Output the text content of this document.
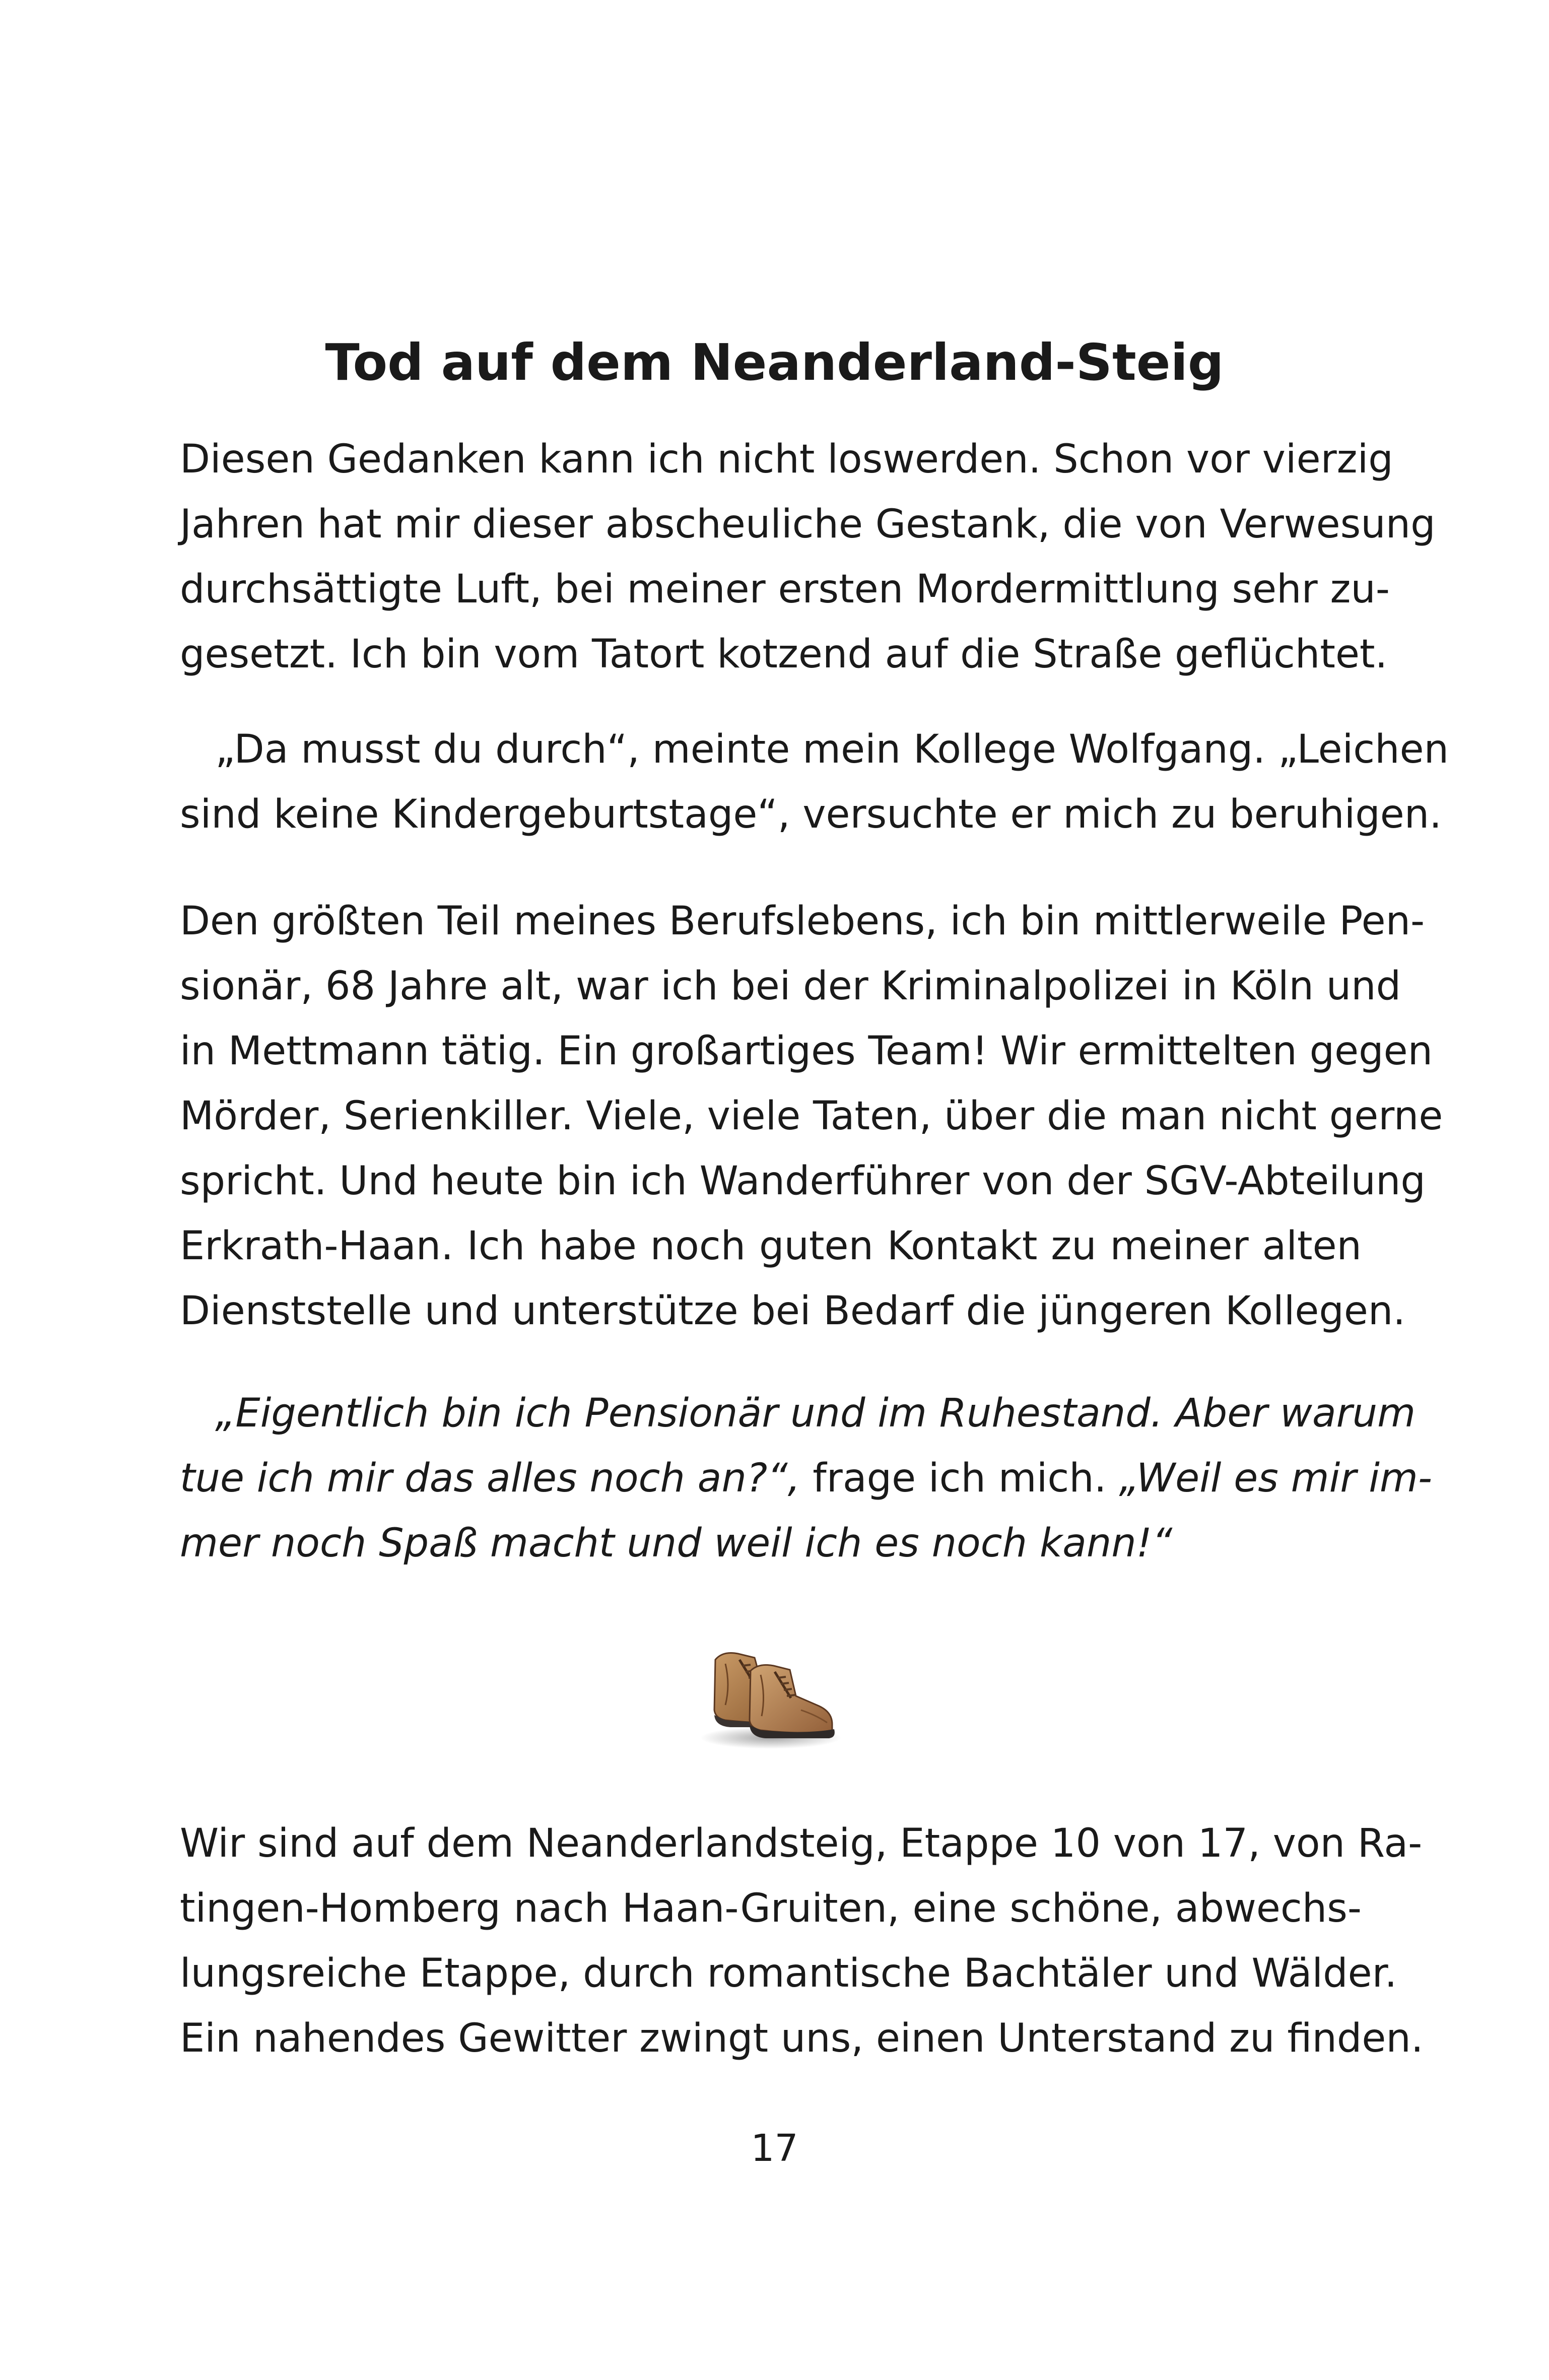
Tod auf dem Neanderland-Steig

Diesen Gedanken kann ich nicht loswerden. Schon vor vierzig
Jahren hat mir dieser abscheuliche Gestank, die von Verwesung
durchsättigte Luft, bei meiner ersten Mordermittlung sehr zu-
gesetzt. Ich bin vom Tatort kotzend auf die Straße geflüchtet.

„Da musst du durch“, meinte mein Kollege Wolfgang. „Leichen
sind keine Kindergeburtstage“, versuchte er mich zu beruhigen.

Den größten Teil meines Berufslebens, ich bin mittlerweile Pen-
sionär, 68 Jahre alt, war ich bei der Kriminalpolizei in Köln und
in Mettmann tätig. Ein großartiges Team! Wir ermittelten gegen
Mörder, Serienkiller. Viele, viele Taten, über die man nicht gerne
spricht. Und heute bin ich Wanderführer von der SGV-Abteilung
Erkrath-Haan. Ich habe noch guten Kontakt zu meiner alten
Dienststelle und unterstütze bei Bedarf die jüngeren Kollegen.

„Eigentlich bin ich Pensionär und im Ruhestand. Aber warum
tue ich mir das alles noch an?“, frage ich mich. „Weil es mir im-
mer noch Spaß macht und weil ich es noch kann!“

Wir sind auf dem Neanderlandsteig, Etappe 10 von 17, von Ra-
tingen-Homberg nach Haan-Gruiten, eine schöne, abwechs-
lungsreiche Etappe, durch romantische Bachtäler und Wälder.
Ein nahendes Gewitter zwingt uns, einen Unterstand zu finden.

17
